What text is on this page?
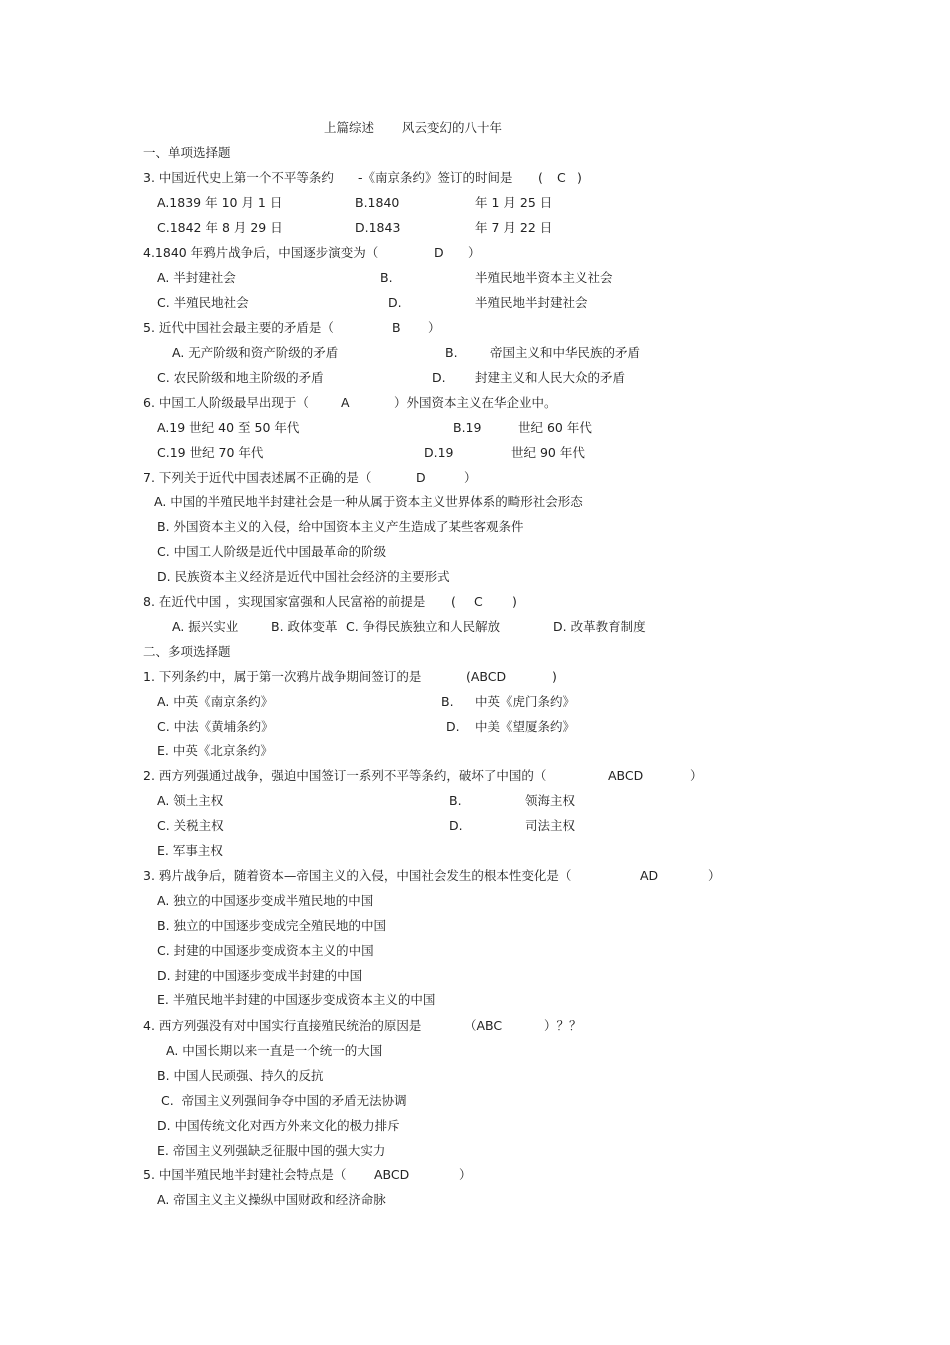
上篇综述 风云变幻的八十年
一、单项选择题
3. 中国近代史上第一个不平等条约 -《南京条约》签订的时间是 ( C )
A.1839 年 10 月 1 日	B.1840	年 1 月 25 日
C.1842 年 8 月 29 日	D.1843	年 7 月 22 日
4.1840 年鸦片战争后，中国逐步演变为（	D ）
A. 半封建社会	B.	半殖民地半资本主义社会
C. 半殖民地社会	D.	半殖民地半封建社会
5. 近代中国社会最主要的矛盾是（	B ）
A. 无产阶级和资产阶级的矛盾	B.	帝国主义和中华民族的矛盾
C. 农民阶级和地主阶级的矛盾	D. 封建主义和人民大众的矛盾
6. 中国工人阶级最早出现于（	A	）外国资本主义在华企业中。
A.19 世纪 40 至 50 年代	B.19	世纪 60 年代
C.19 世纪 70 年代	D.19	世纪 90 年代
7. 下列关于近代中国表述属不正确的是（	D	）
A. 中国的半殖民地半封建社会是一种从属于资本主义世界体系的畸形社会形态
B. 外国资本主义的入侵，给中国资本主义产生造成了某些客观条件
C. 中国工人阶级是近代中国最革命的阶级
D. 民族资本主义经济是近代中国社会经济的主要形式
8. 在近代中国 ，实现国家富强和人民富裕的前提是 ( C )
A. 振兴实业	B. 政体变革 C. 争得民族独立和人民解放	D. 改革教育制度
二、多项选择题
1. 下列条约中，属于第一次鸦片战争期间签订的是	(ABCD	)
A. 中英《南京条约》	B. 中英《虎门条约》
C. 中法《黄埔条约》	D. 中美《望厦条约》
E. 中英《北京条约》
2. 西方列强通过战争，强迫中国签订一系列不平等条约，破坏了中国的（	ABCD	）
A. 领土主权	B.	领海主权
C. 关税主权	D.	司法主权
E. 军事主权
3. 鸦片战争后，随着资本—帝国主义的入侵，中国社会发生的根本性变化是（	AD	）
A. 独立的中国逐步变成半殖民地的中国
B. 独立的中国逐步变成完全殖民地的中国
C. 封建的中国逐步变成资本主义的中国
D. 封建的中国逐步变成半封建的中国
E. 半殖民地半封建的中国逐步变成资本主义的中国
4. 西方列强没有对中国实行直接殖民统治的原因是	（ABC	）？？
A. 中国长期以来一直是一个统一的大国
B. 中国人民顽强、持久的反抗
C.  帝国主义列强间争夺中国的矛盾无法协调
D. 中国传统文化对西方外来文化的极力排斥
E. 帝国主义列强缺乏征服中国的强大实力
5. 中国半殖民地半封建社会特点是（ ABCD	）
A. 帝国主义主义操纵中国财政和经济命脉
